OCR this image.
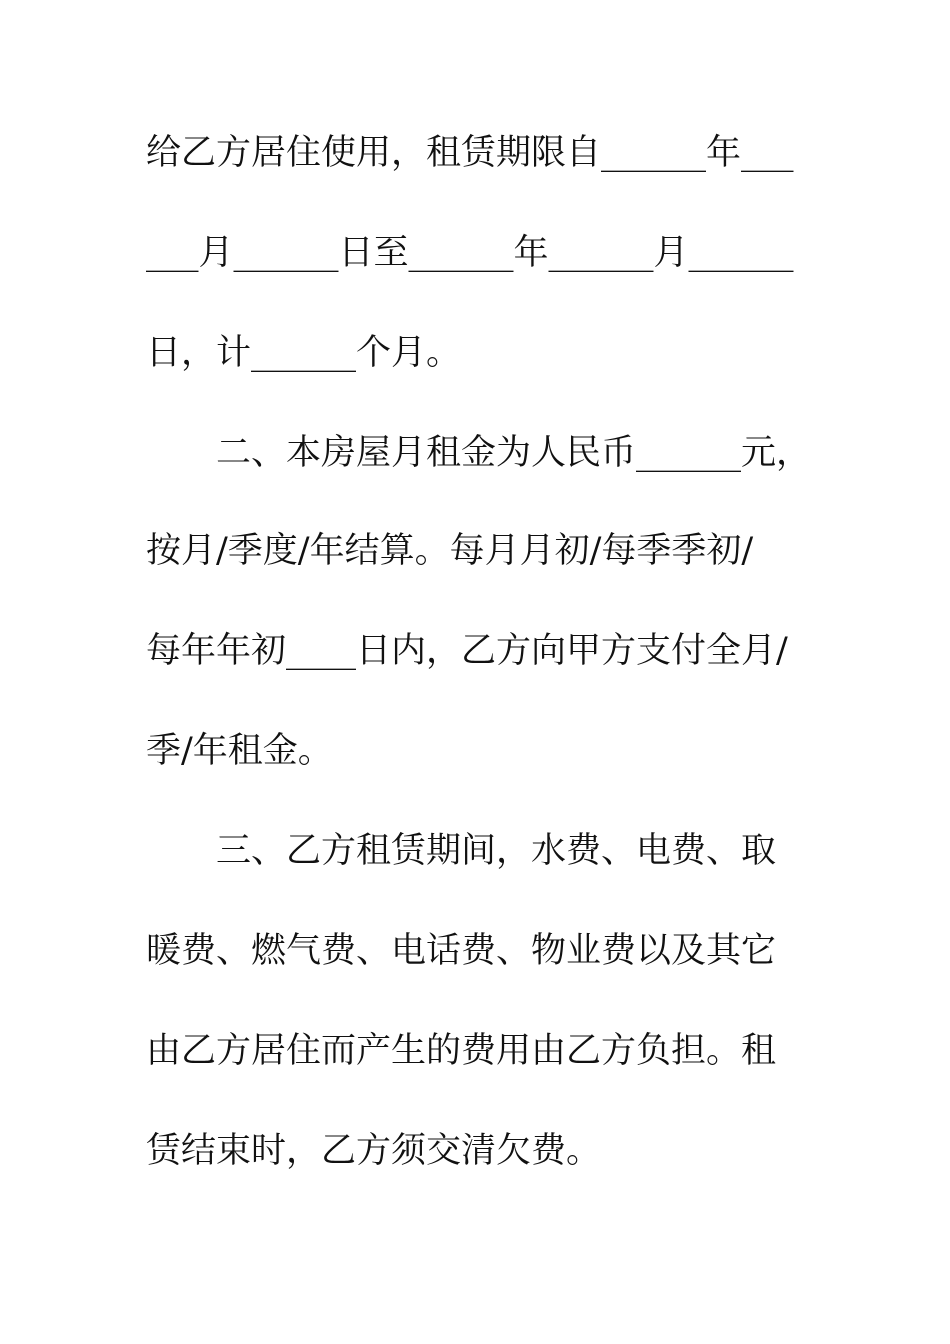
给乙方居住使用，租赁期限自______年___
___月______日至______年______月______
日，计______个月。
二、本房屋月租金为人民币______元，
按月/季度/年结算。每月月初/每季季初/
每年年初____日内，乙方向甲方支付全月/
季/年租金。
三、乙方租赁期间，水费、电费、取
暖费、燃气费、电话费、物业费以及其它
由乙方居住而产生的费用由乙方负担。租
赁结束时，乙方须交清欠费。
